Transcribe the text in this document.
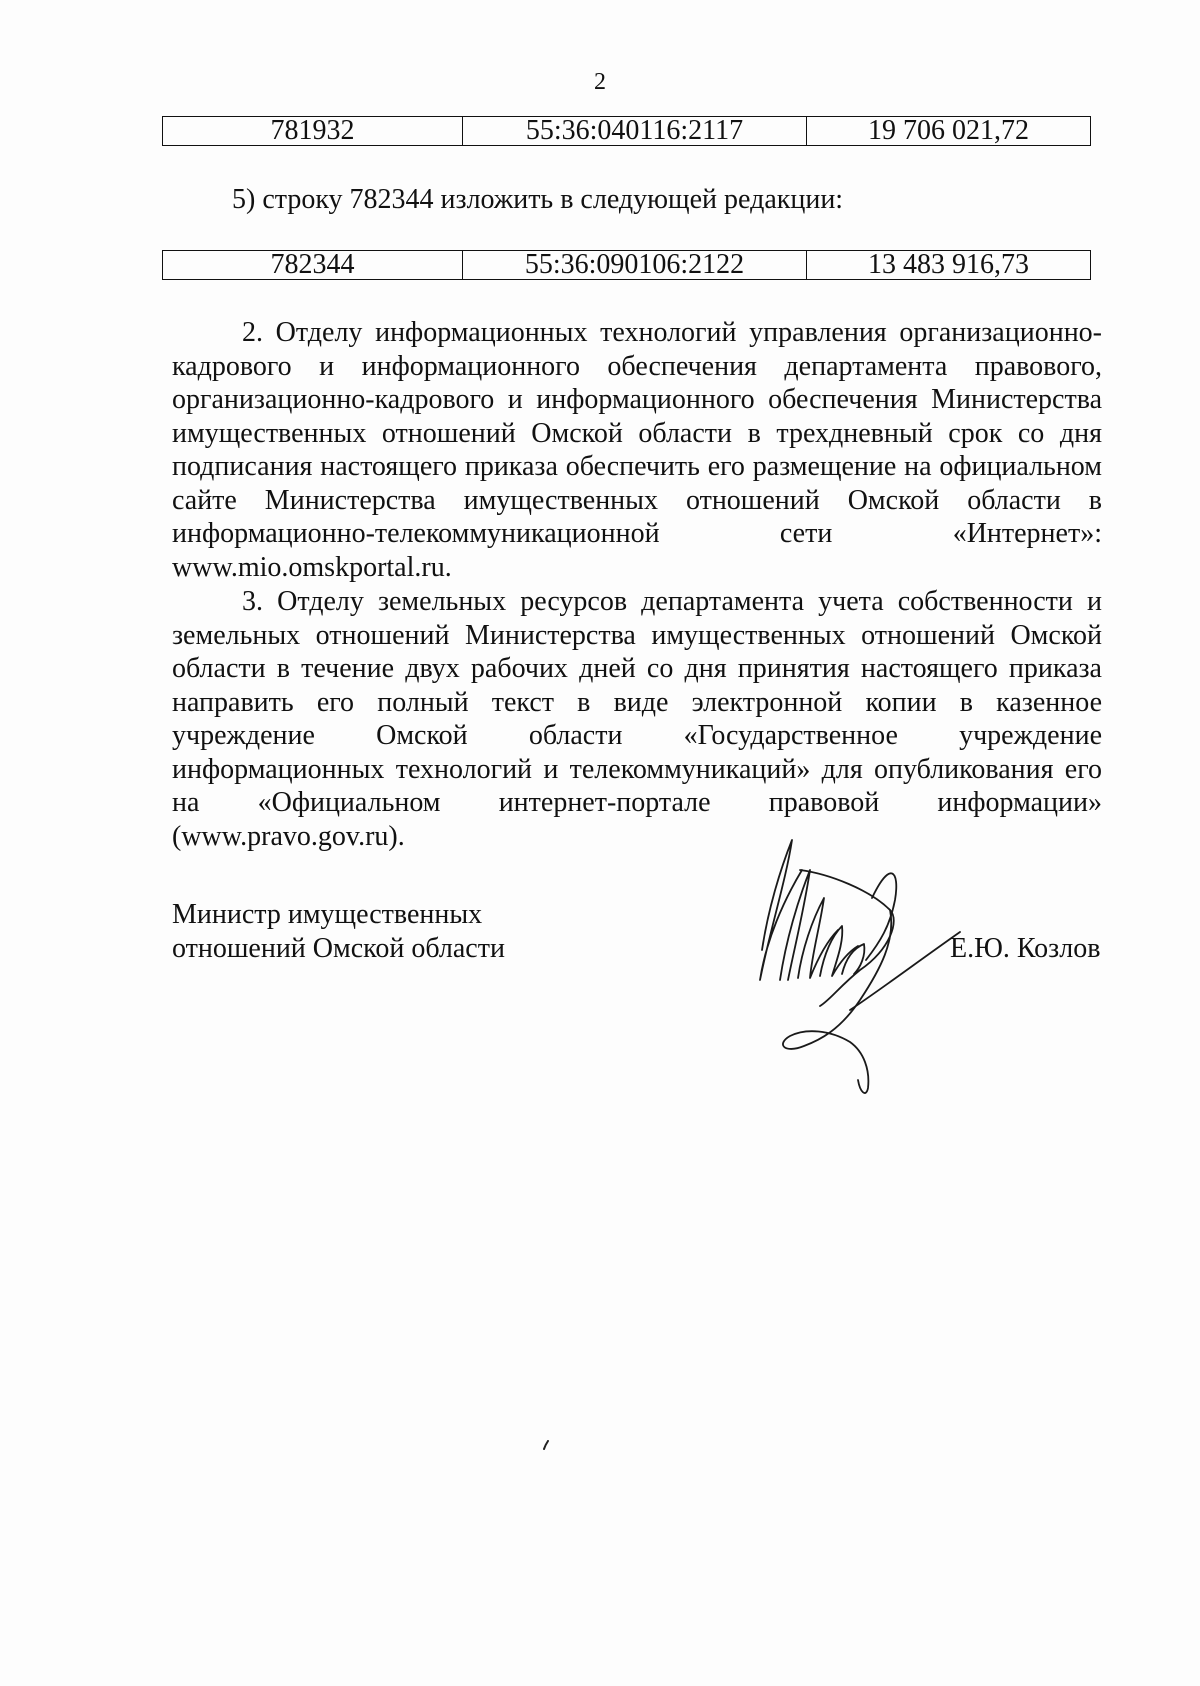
2
781932	55:36:040116:2117	19 706 021,72
5) строку 782344 изложить в следующей редакции:
782344	55:36:090106:2122	13 483 916,73

2. Отделу информационных технологий управления организационно-кадрового и информационного обеспечения департамента правового, организационно-кадрового и информационного обеспечения Министерства имущественных отношений Омской области в трехдневный срок со дня подписания настоящего приказа обеспечить его размещение на официальном сайте Министерства имущественных отношений Омской области в информационно-телекоммуникационной сети «Интернет»: www.mio.omskportal.ru.

3. Отделу земельных ресурсов департамента учета собственности и земельных отношений Министерства имущественных отношений Омской области в течение двух рабочих дней со дня принятия настоящего приказа направить его полный текст в виде электронной копии в казенное учреждение Омской области «Государственное учреждение информационных технологий и телекоммуникаций» для опубликования его на «Официальном интернет-портале правовой информации» (www.pravo.gov.ru).

Министр имущественных
отношений Омской области	Е.Ю. Козлов
